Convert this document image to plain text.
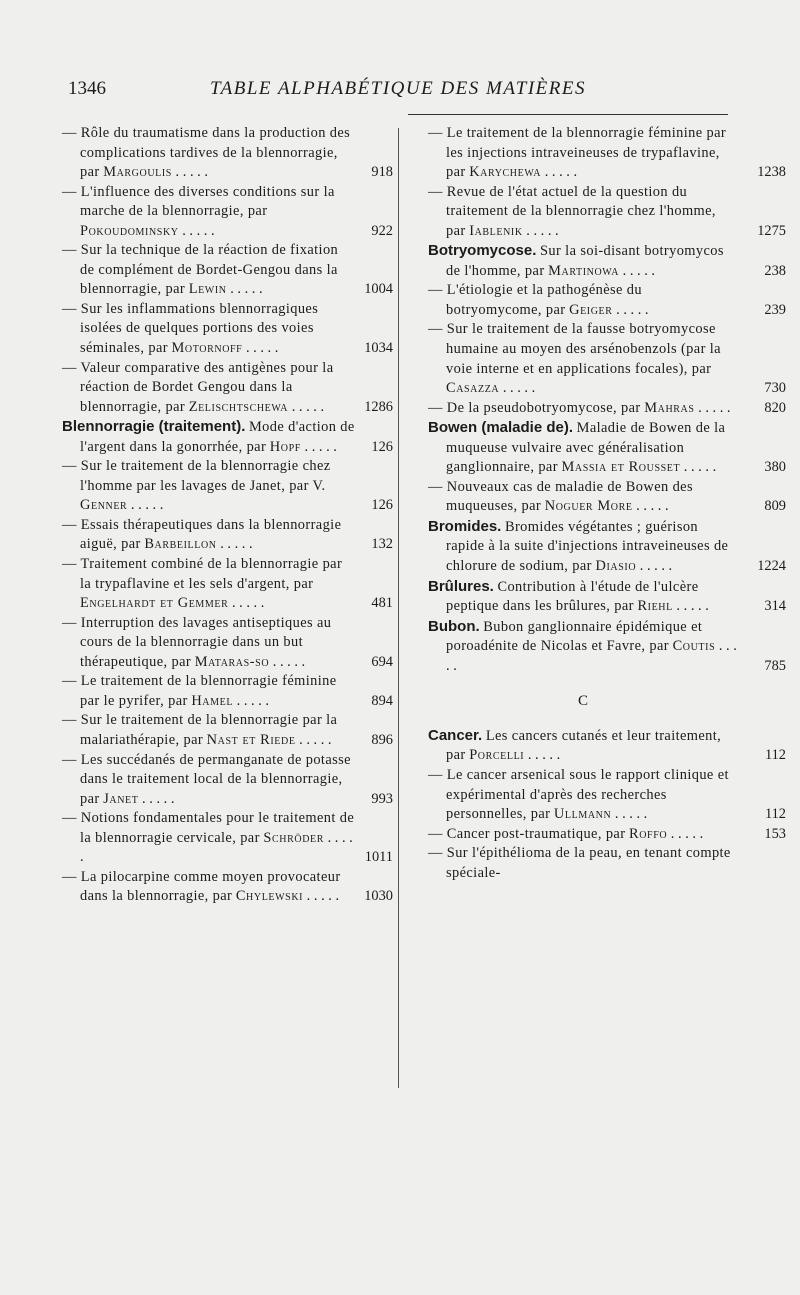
1346	TABLE ALPHABÉTIQUE DES MATIÈRES
— Rôle du traumatisme dans la production des complications tardives de la blennorragie, par Margoulis . . . . .	918
— L'influence des diverses conditions sur la marche de la blennorragie, par Pokoudominsky . . . . .	922
— Sur la technique de la réaction de fixation de complément de Bordet-Gengou dans la blennorragie, par Lewin . . . . .	1004
— Sur les inflammations blennorragiques isolées de quelques portions des voies séminales, par Motornoff . . . . .	1034
— Valeur comparative des antigènes pour la réaction de Bordet Gengou dans la blennorragie, par Zelischtschewa . . . . .	1286
Blennorragie (traitement). Mode d'action de l'argent dans la gonorrhée, par Hopf . . . . . 126
— Sur le traitement de la blennorragie chez l'homme par les lavages de Janet, par V. Genner . . . . .	126
— Essais thérapeutiques dans la blennorragie aiguë, par Barbeillon . . . . .	132
— Traitement combiné de la blennorragie par la trypaflavine et les sels d'argent, par Engelhardt et Gemmer . . . . .	481
— Interruption des lavages antiseptiques au cours de la blennorragie dans un but thérapeutique, par Mataras-so . . . . .	694
— Le traitement de la blennorragie féminine par le pyrifer, par Hamel . . . . .	894
— Sur le traitement de la blennorragie par la malariathérapie, par Nast et Riede . . . . .	896
— Les succédanés de permanganate de potasse dans le traitement local de la blennorragie, par Janet . . . . .	993
— Notions fondamentales pour le traitement de la blennorragie cervicale, par Schröder . . . . .	1011
— La pilocarpine comme moyen provocateur dans la blennorragie, par Chylewski . . . . . 1030
— Le traitement de la blennorragie féminine par les injections intraveineuses de trypaflavine, par Karychewa . . . . .	1238
— Revue de l'état actuel de la question du traitement de la blennorragie chez l'homme, par Iablenik . . . . .	1275
Botryomycose. Sur la soi-disant botryomycos de l'homme, par Martinowa . . . . .	238
— L'étiologie et la pathogénèse du botryomycome, par Geiger . . . . .	239
— Sur le traitement de la fausse botryomycose humaine au moyen des arsénobenzols (par la voie interne et en applications focales), par Casazza . . . . .	730
— De la pseudobotryomycose, par Mahras . . . . . 820
Bowen (maladie de). Maladie de Bowen de la muqueuse vulvaire avec généralisation ganglionnaire, par Massia et Rousset . . . . .	380
— Nouveaux cas de maladie de Bowen des muqueuses, par Noguer More . . . . .	809
Bromides. Bromides végétantes ; guérison rapide à la suite d'injections intraveineuses de chlorure de sodium, par Diasio . . . . .	1224
Brûlures. Contribution à l'étude de l'ulcère peptique dans les brûlures, par Riehl . . . . .	314
Bubon. Bubon ganglionnaire épidémique et poroadénite de Nicolas et Favre, par Coutis . . . . .	785
C
Cancer. Les cancers cutanés et leur traitement, par Porcelli . . . . .	112
— Le cancer arsenical sous le rapport clinique et expérimental d'après des recherches personnelles, par Ullmann . . . . .	112
— Cancer post-traumatique, par Roffo . . . . .	153
— Sur l'épithélioma de la peau, en tenant compte spéciale-
